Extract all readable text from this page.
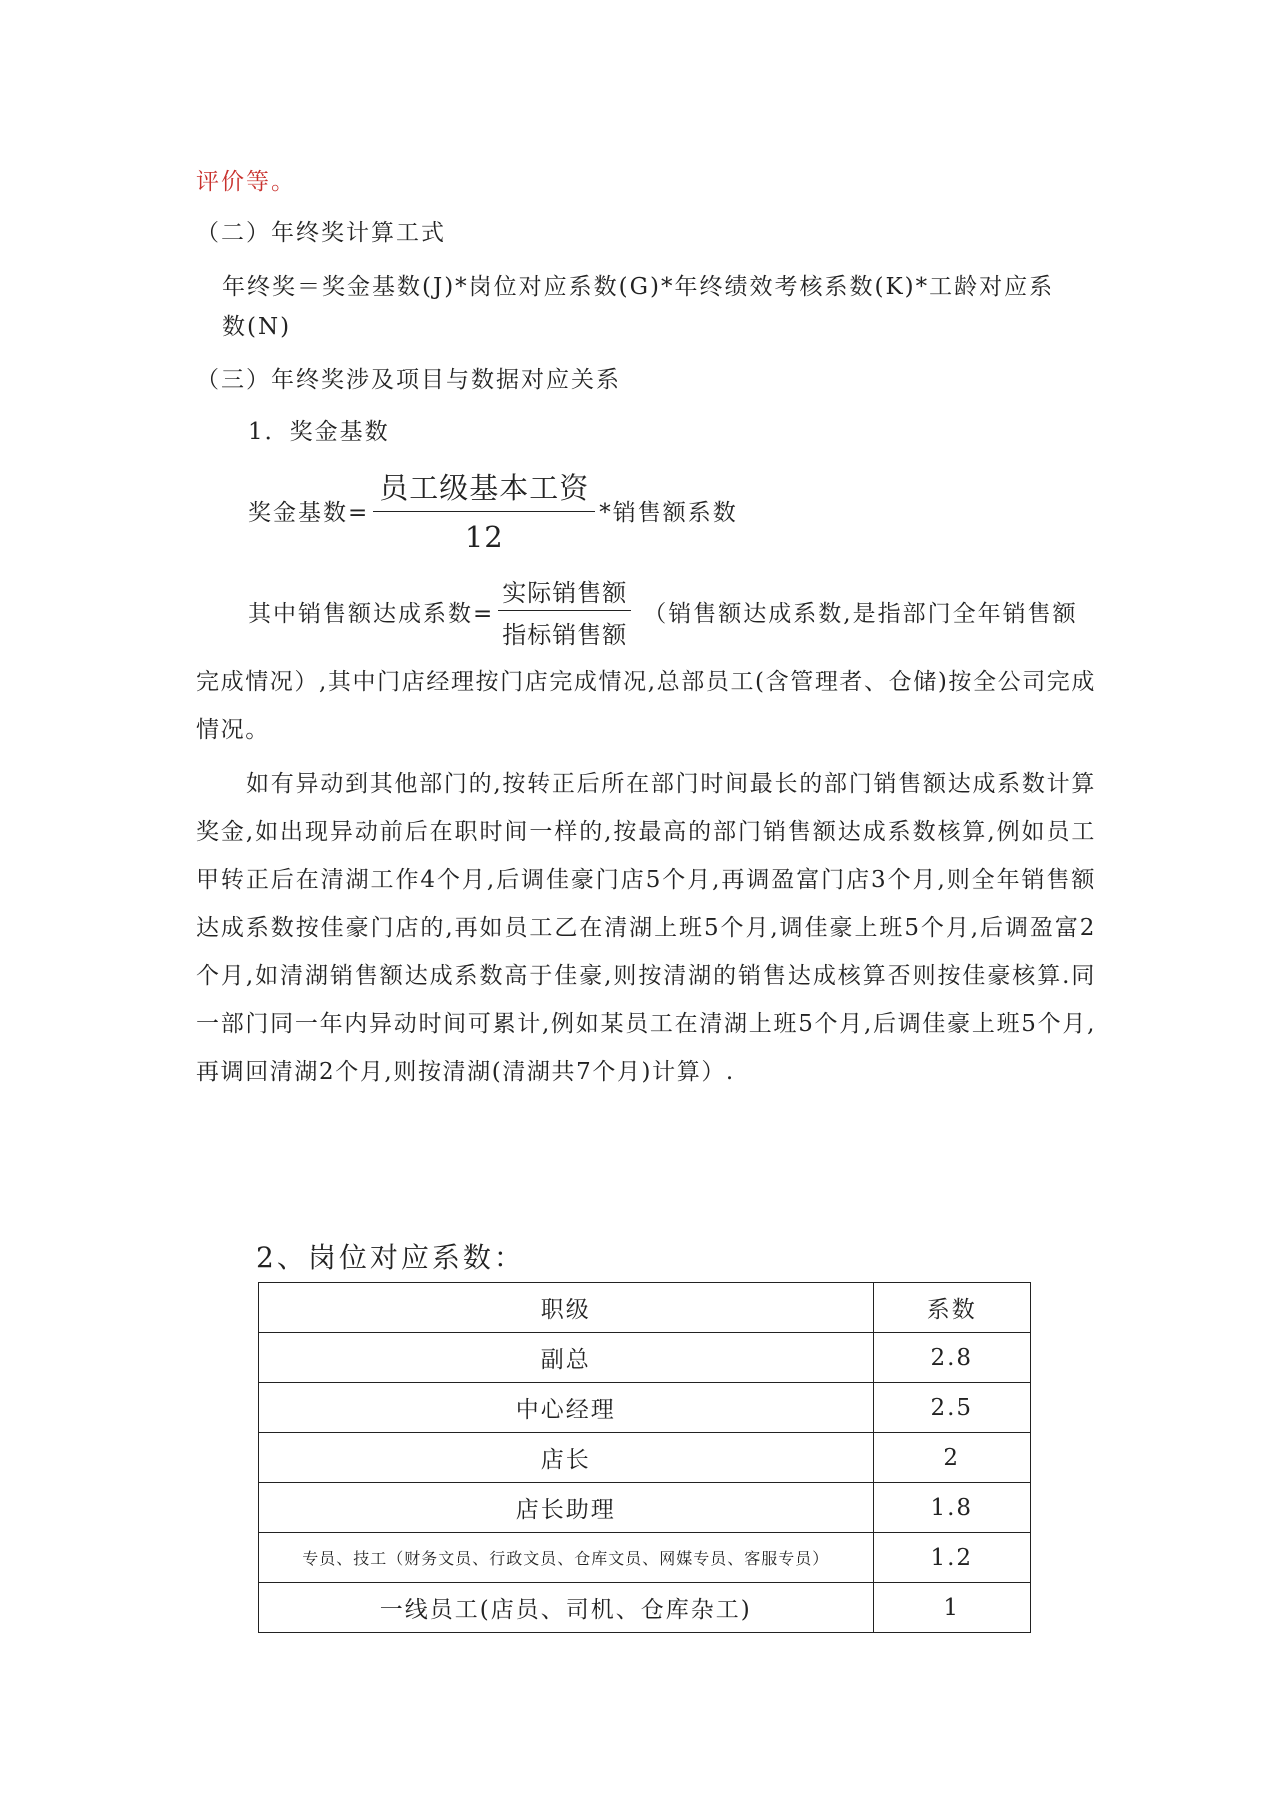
评价等。
（二）年终奖计算工式
年终奖＝奖金基数(J)*岗位对应系数(G)*年终绩效考核系数(K)*工龄对应系
数(N)
（三）年终奖涉及项目与数据对应关系
1．奖金基数
奖金基数= $\frac{\text{员工级基本工资}}{12}$ *销售额系数
其中销售额达成系数= $\frac{\text{实际销售额}}{\text{指标销售额}}$ （销售额达成系数,是指部门全年销售额
完成情况）,其中门店经理按门店完成情况,总部员工(含管理者、仓储)按全公司完成情况。
如有异动到其他部门的,按转正后所在部门时间最长的部门销售额达成系数计算奖金,如出现异动前后在职时间一样的,按最高的部门销售额达成系数核算,例如员工甲转正后在清湖工作4个月,后调佳豪门店5个月,再调盈富门店3个月,则全年销售额达成系数按佳豪门店的,再如员工乙在清湖上班5个月,调佳豪上班5个月,后调盈富2个月,如清湖销售额达成系数高于佳豪,则按清湖的销售达成核算否则按佳豪核算.同一部门同一年内异动时间可累计,例如某员工在清湖上班5个月,后调佳豪上班5个月,再调回清湖2个月,则按清湖(清湖共7个月)计算）.
2、岗位对应系数：
职级	系数
副总	2.8
中心经理	2.5
店长	2
店长助理	1.8
专员、技工（财务文员、行政文员、仓库文员、网媒专员、客服专员）	1.2
一线员工(店员、司机、仓库杂工)	1
